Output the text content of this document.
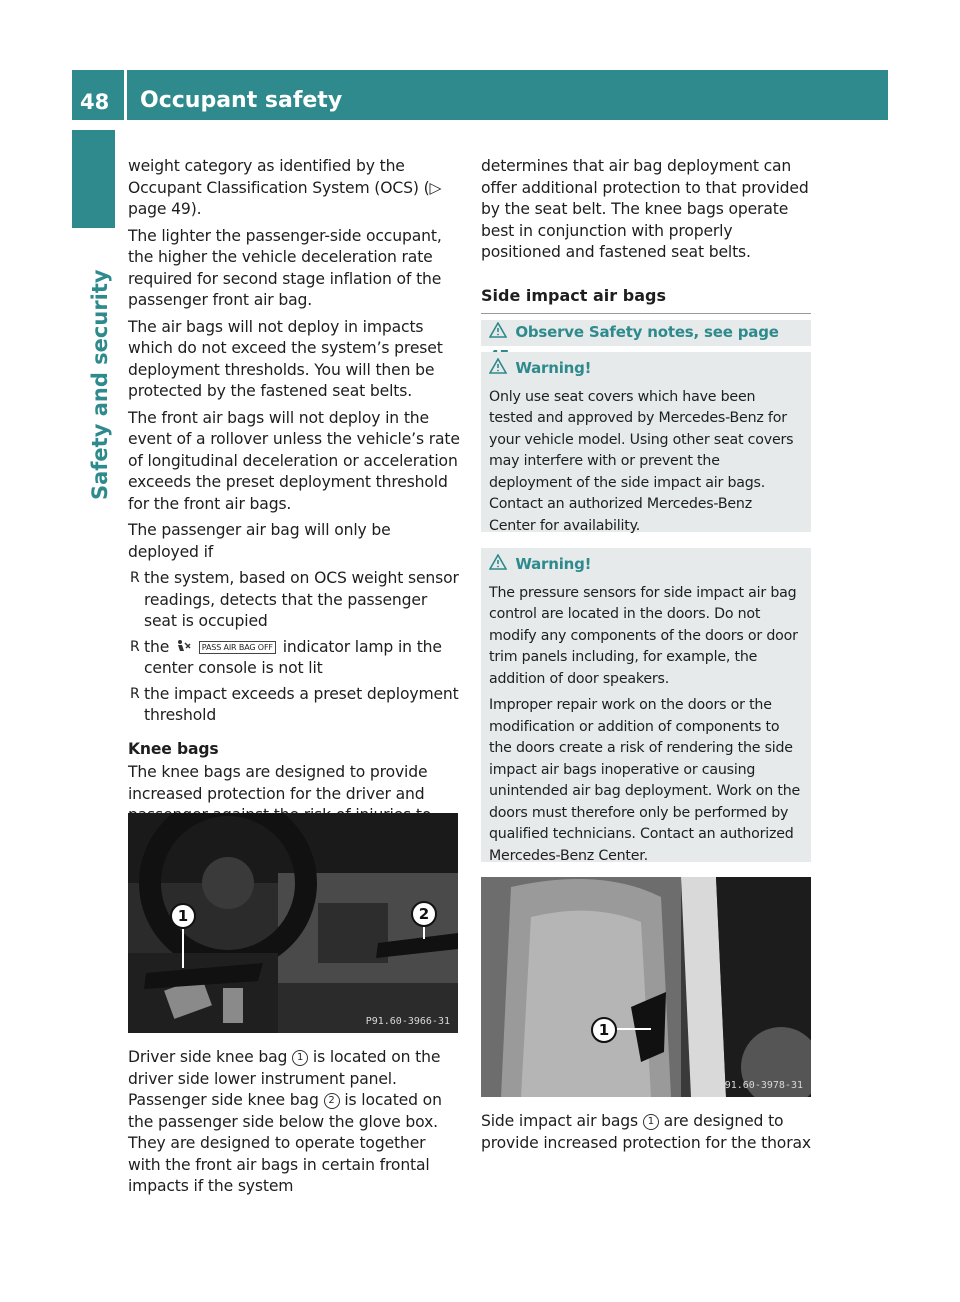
48 Occupant safety
Safety and security
weight category as identified by the Occupant Classification System (OCS) (▷ page 49).
The lighter the passenger-side occupant, the higher the vehicle deceleration rate required for second stage inflation of the passenger front air bag.
The air bags will not deploy in impacts which do not exceed the system’s preset deployment thresholds. You will then be protected by the fastened seat belts.
The front air bags will not deploy in the event of a rollover unless the vehicle’s rate of longitudinal deceleration or acceleration exceeds the preset deployment threshold for the front air bags.
The passenger air bag will only be deployed if
R the system, based on OCS weight sensor readings, detects that the passenger seat is occupied
R the	PASS AIR BAG OFF indicator lamp in the center console is not lit
R the impact exceeds a preset deployment threshold
Knee bags
The knee bags are designed to provide increased protection for the driver and
1	2
P91.60-3966-31
Driver side knee bag 1 is located on the driver side lower instrument panel. Passenger side knee bag 2 is located on the passenger side below the glove box. They are designed to operate together with the front air bags in certain frontal impacts if the system
determines that air bag deployment can offer additional protection to that provided by the seat belt. The knee bags operate best in conjunction with properly positioned and fastened seat belts.
Side impact air bags
Observe Safety notes, see page
Warning!
Only use seat covers which have been tested and approved by Mercedes-Benz for your vehicle model. Using other seat covers may interfere with or prevent the deployment of the side impact air bags. Contact an authorized Mercedes-Benz Center for availability.
Warning!
The pressure sensors for side impact air bag control are located in the doors. Do not modify any components of the doors or door trim panels including, for example, the addition of door speakers.
Improper repair work on the doors or the modification or addition of components to the doors create a risk of rendering the side impact air bags inoperative or causing unintended air bag deployment. Work on the doors must therefore only be performed by qualified technicians. Contact an authorized Mercedes-Benz Center.
1
P91.60-3978-31
Side impact air bags 1 are designed to provide increased protection for the thorax
